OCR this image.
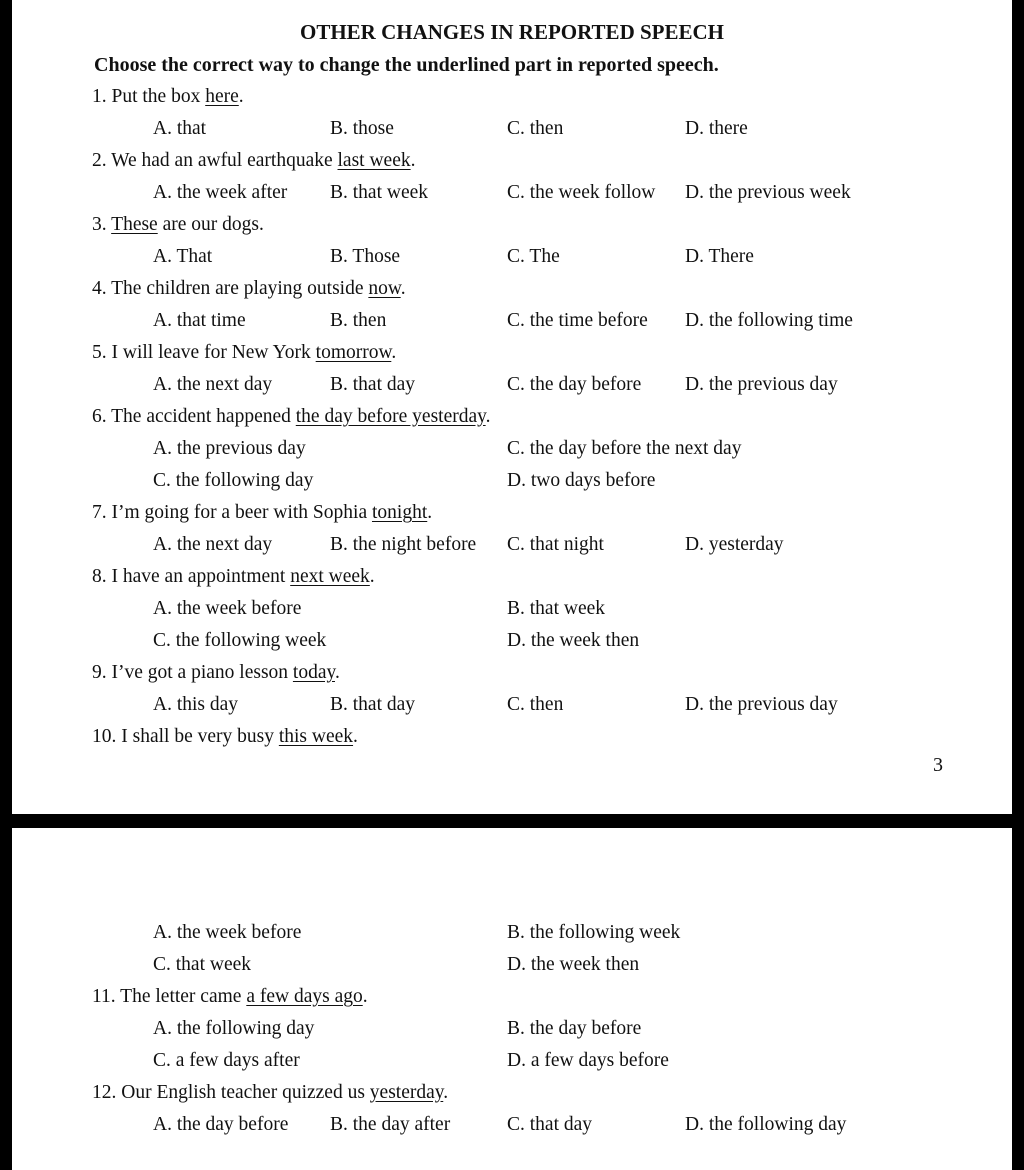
OTHER CHANGES IN REPORTED SPEECH
Choose the correct way to change the underlined part in reported speech.
1. Put the box here.
A. that	B. those	C. then	D. there
2. We had an awful earthquake last week.
A. the week after B. that week	C. the week follow D. the previous week
3. These are our dogs.
A. That	B. Those	C. The	D. There
4. The children are playing outside now.
A. that time	B. then	C. the time before D. the following time
5. I will leave for New York tomorrow.
A. the next day	B. that day	C. the day before D. the previous day
6. The accident happened the day before yesterday.
A. the previous day	C. the day before the next day
C. the following day	D. two days before
7. I’m going for a beer with Sophia tonight.
A. the next day	B. the night before C. that night	D. yesterday
8. I have an appointment next week.
A. the week before	B. that week
C. the following week	D. the week then
9. I’ve got a piano lesson today.
A. this day	B. that day	C. then	D. the previous day
10. I shall be very busy this week.
3
A. the week before	B. the following week
C. that week	D. the week then
11. The letter came a few days ago.
A. the following day	B. the day before
C. a few days after	D. a few days before
12. Our English teacher quizzed us yesterday.
A. the day before B. the day after	C. that day	D. the following day
